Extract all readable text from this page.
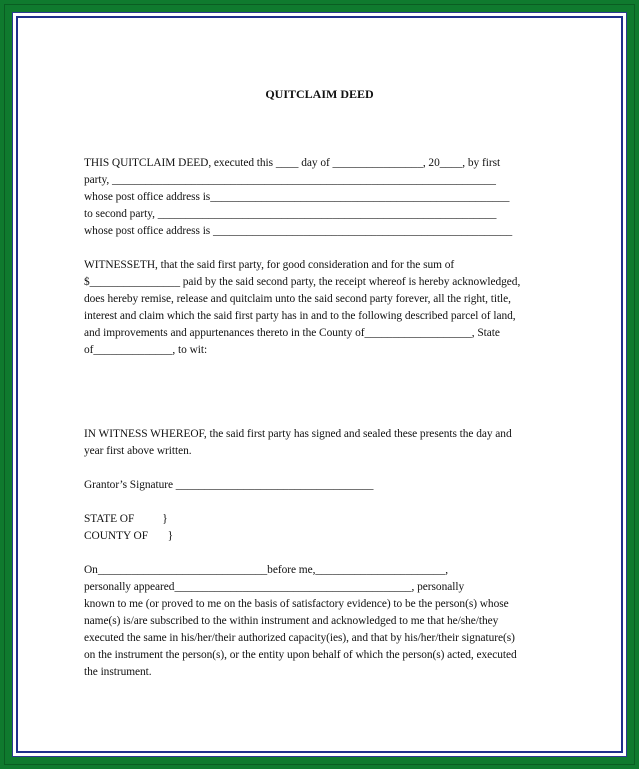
QUITCLAIM DEED
THIS QUITCLAIM DEED, executed this ____ day of ________________, 20____, by first
party, ____________________________________________________________________
whose post office address is_____________________________________________________
to second party, ____________________________________________________________
whose post office address is _____________________________________________________
WITNESSETH, that the said first party, for good consideration and for the sum of
$________________ paid by the said second party, the receipt whereof is hereby acknowledged,
does hereby remise, release and quitclaim unto the said second party forever, all the right, title,
interest and claim which the said first party has in and to the following described parcel of land,
and improvements and appurtenances thereto in the County of___________________, State
of______________, to wit:
IN WITNESS WHEREOF, the said first party has signed and sealed these presents the day and
year first above written.
Grantor’s Signature ___________________________________
STATE OF          }
COUNTY OF       }
On______________________________before me,_______________________,
personally appeared__________________________________________, personally
known to me (or proved to me on the basis of satisfactory evidence) to be the person(s) whose
name(s) is/are subscribed to the within instrument and acknowledged to me that he/she/they
executed the same in his/her/their authorized capacity(ies), and that by his/her/their signature(s)
on the instrument the person(s), or the entity upon behalf of which the person(s) acted, executed
the instrument.
